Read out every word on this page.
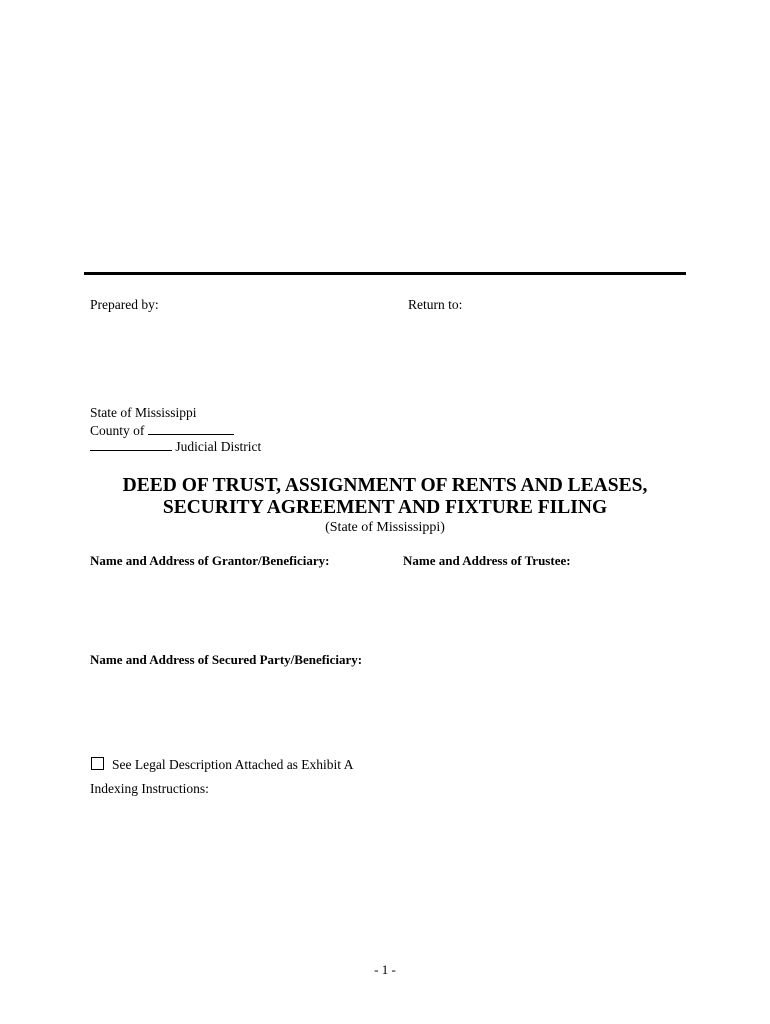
Prepared by:	Return to:
State of Mississippi
County of
Judicial District
DEED OF TRUST, ASSIGNMENT OF RENTS AND LEASES,
SECURITY AGREEMENT AND FIXTURE FILING
(State of Mississippi)
Name and Address of Grantor/Beneficiary:	Name and Address of Trustee:
Name and Address of Secured Party/Beneficiary:
See Legal Description Attached as Exhibit A
Indexing Instructions:
- 1 -
